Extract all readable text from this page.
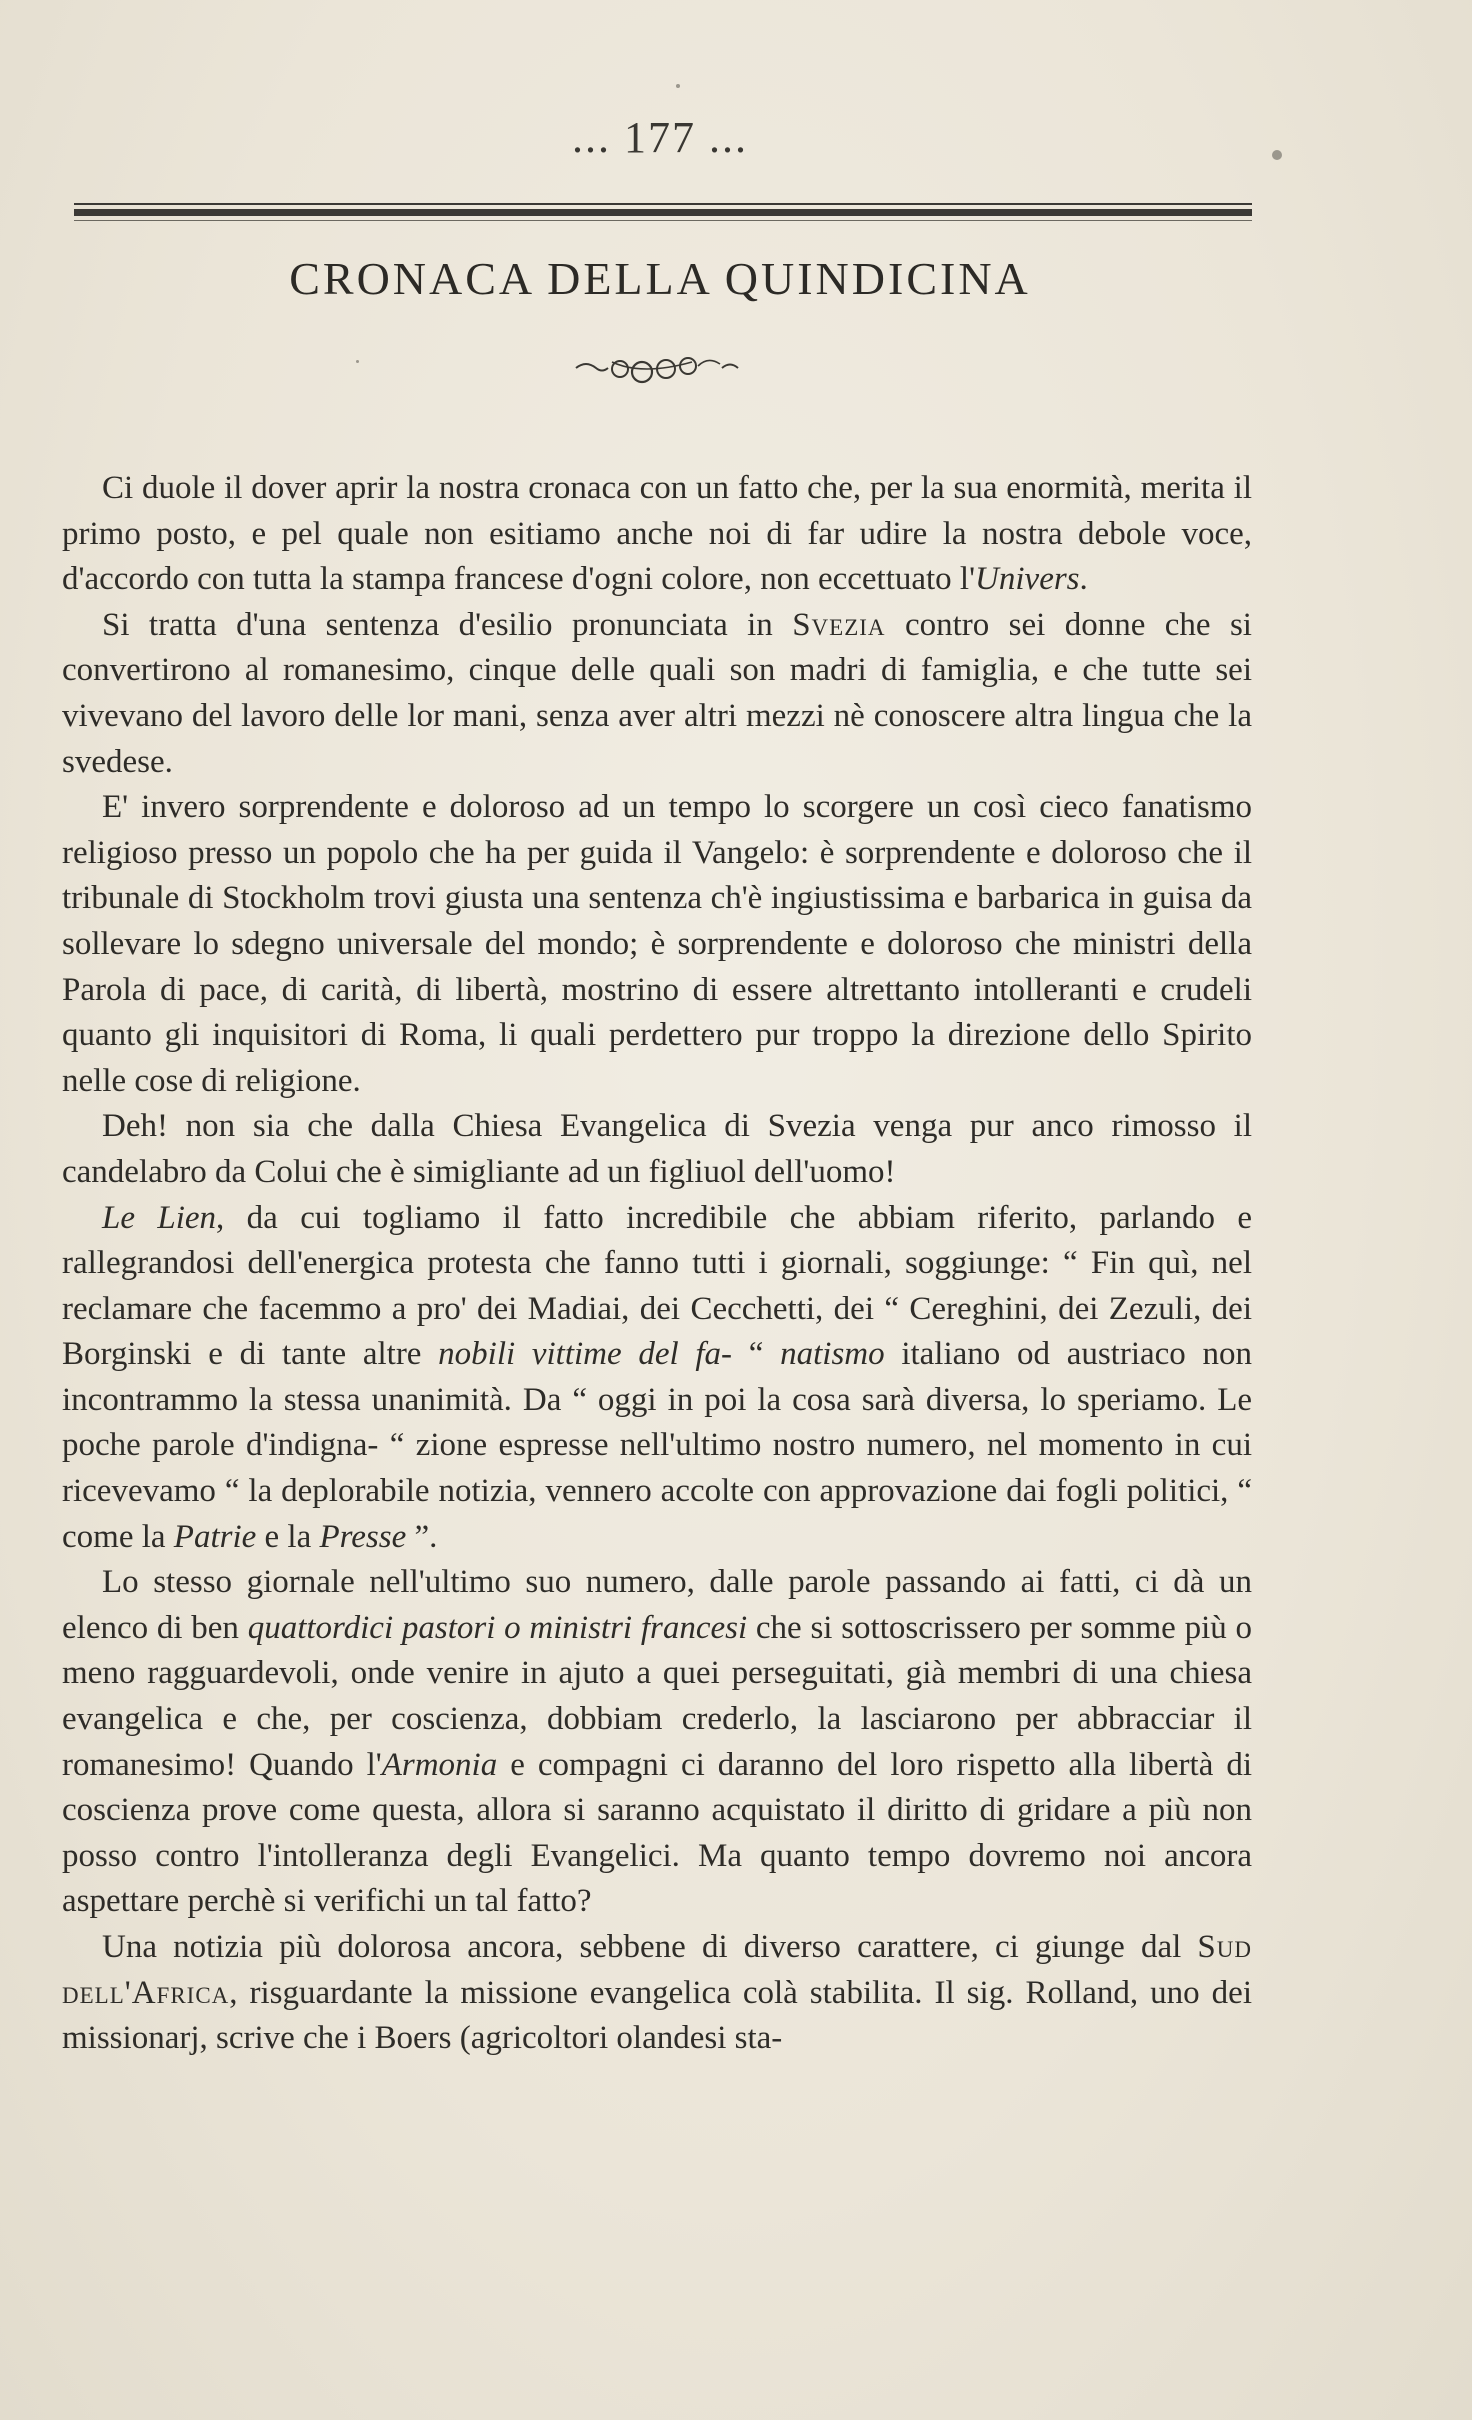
... 177 ...
CRONACA DELLA QUINDICINA

Ci duole il dover aprir la nostra cronaca con un fatto che, per la sua enormità, merita il primo posto, e pel quale non esitiamo anche noi di far udire la nostra debole voce, d'accordo con tutta la stampa francese d'ogni colore, non eccettuato l'Univers.

Si tratta d'una sentenza d'esilio pronunciata in Svezia contro sei donne che si convertirono al romanesimo, cinque delle quali son madri di famiglia, e che tutte sei vivevano del lavoro delle lor mani, senza aver altri mezzi nè conoscere altra lingua che la svedese.

E' invero sorprendente e doloroso ad un tempo lo scorgere un così cieco fanatismo religioso presso un popolo che ha per guida il Vangelo: è sorprendente e doloroso che il tribunale di Stockholm trovi giusta una sentenza ch'è ingiustissima e barbarica in guisa da sollevare lo sdegno universale del mondo; è sorprendente e doloroso che ministri della Parola di pace, di carità, di libertà, mostrino di essere altrettanto intolleranti e crudeli quanto gli inquisitori di Roma, li quali perdettero pur troppo la direzione dello Spirito nelle cose di religione.

Deh! non sia che dalla Chiesa Evangelica di Svezia venga pur anco rimosso il candelabro da Colui che è simigliante ad un figliuol dell'uomo!

Le Lien, da cui togliamo il fatto incredibile che abbiam riferito, parlando e rallegrandosi dell'energica protesta che fanno tutti i giornali, soggiunge: “ Fin quì, nel reclamare che facemmo a pro' dei Madiai, dei Cecchetti, dei “ Cereghini, dei Zezuli, dei Borginski e di tante altre nobili vittime del fa- “ natismo italiano od austriaco non incontrammo la stessa unanimità. Da “ oggi in poi la cosa sarà diversa, lo speriamo. Le poche parole d'indigna- “ zione espresse nell'ultimo nostro numero, nel momento in cui ricevevamo “ la deplorabile notizia, vennero accolte con approvazione dai fogli politici, “ come la Patrie e la Presse ”.

Lo stesso giornale nell'ultimo suo numero, dalle parole passando ai fatti, ci dà un elenco di ben quattordici pastori o ministri francesi che si sottoscrissero per somme più o meno ragguardevoli, onde venire in ajuto a quei perseguitati, già membri di una chiesa evangelica e che, per coscienza, dobbiam crederlo, la lasciarono per abbracciar il romanesimo! Quando l'Armonia e compagni ci daranno del loro rispetto alla libertà di coscienza prove come questa, allora si saranno acquistato il diritto di gridare a più non posso contro l'intolleranza degli Evangelici. Ma quanto tempo dovremo noi ancora aspettare perchè si verifichi un tal fatto?

Una notizia più dolorosa ancora, sebbene di diverso carattere, ci giunge dal Sud dell'Africa, risguardante la missione evangelica colà stabilita. Il sig. Rolland, uno dei missionarj, scrive che i Boers (agricoltori olandesi sta-
